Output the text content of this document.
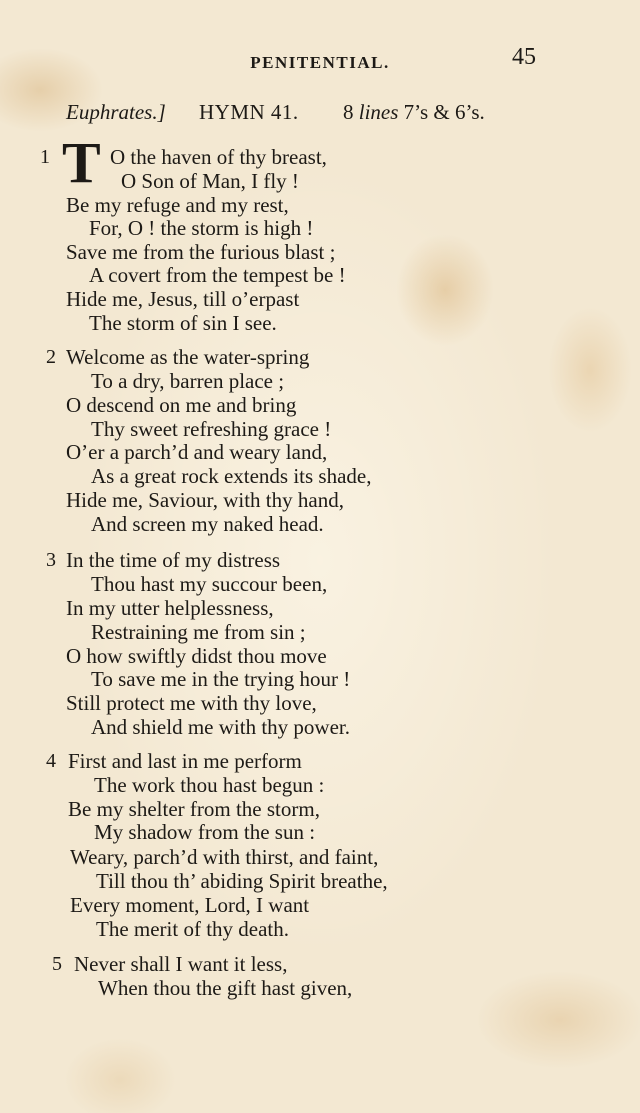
PENITENTIAL.	45
Euphrates.] HYMN 41. 8 lines 7’s & 6’s.
T
1	O the haven of thy breast,
O Son of Man, I fly !
Be my refuge and my rest,
For, O ! the storm is high !
Save me from the furious blast ;
A covert from the tempest be !
Hide me, Jesus, till o’erpast
The storm of sin I see.
2 Welcome as the water-spring
To a dry, barren place ;
O descend on me and bring
Thy sweet refreshing grace !
O’er a parch’d and weary land,
As a great rock extends its shade,
Hide me, Saviour, with thy hand,
And screen my naked head.
3 In the time of my distress
Thou hast my succour been,
In my utter helplessness,
Restraining me from sin ;
O how swiftly didst thou move
To save me in the trying hour !
Still protect me with thy love,
And shield me with thy power.
4 First and last in me perform
The work thou hast begun :
Be my shelter from the storm,
My shadow from the sun :
Weary, parch’d with thirst, and faint,
Till thou th’ abiding Spirit breathe,
Every moment, Lord, I want
The merit of thy death.
5 Never shall I want it less,
When thou the gift hast given,
